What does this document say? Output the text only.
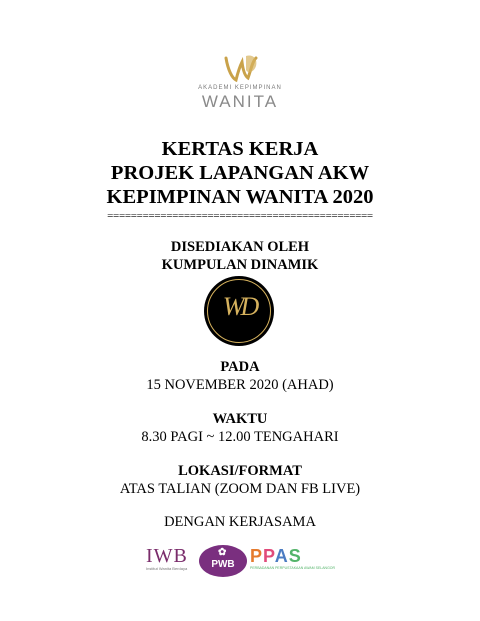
AKADEMI KEPIMPINAN
WANITA
KERTAS KERJA
PROJEK LAPANGAN AKW
KEPIMPINAN WANITA 2020
=============================================
DISEDIAKAN OLEH
KUMPULAN DINAMIK
WD
PADA
15 NOVEMBER 2020 (AHAD)
WAKTU
8.30 PAGI ~ 12.00 TENGAHARI
LOKASI/FORMAT
ATAS TALIAN (ZOOM DAN FB LIVE)
DENGAN KERJASAMA
IWB
Institut Wanita Berdaya
✿
PWB PPAS
PERBADANAN PERPUSTAKAAN AWAM SELANGOR
